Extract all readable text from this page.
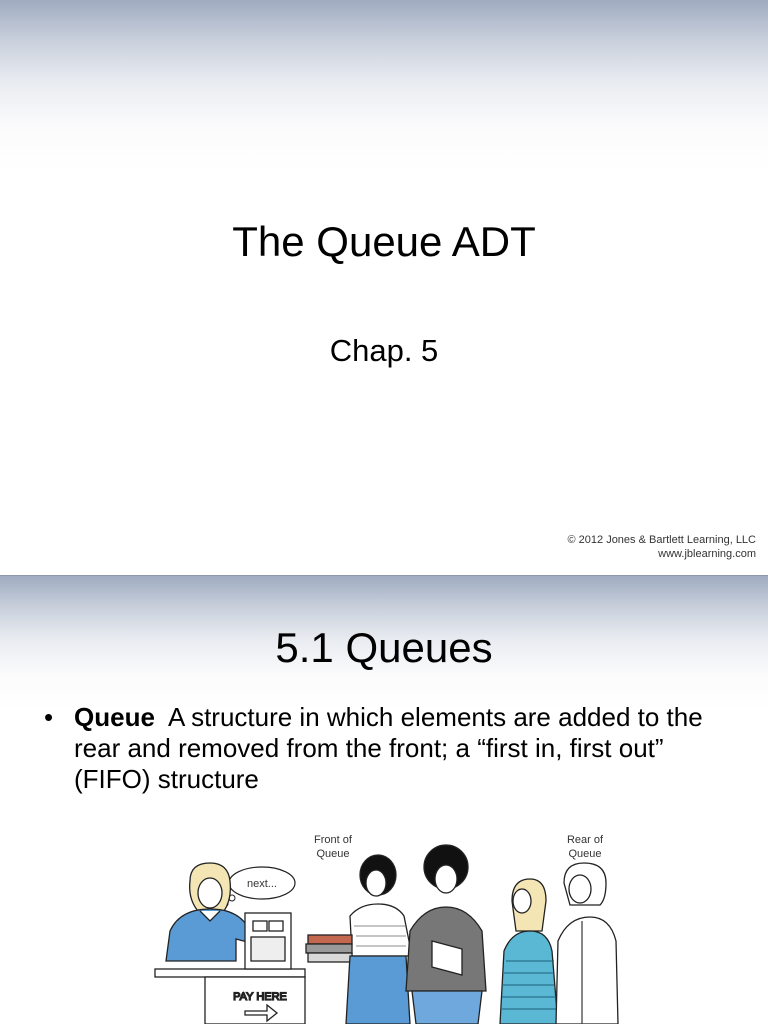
The Queue ADT
Chap. 5
© 2012 Jones & Bartlett Learning, LLC
www.jblearning.com
5.1 Queues
• Queue A structure in which elements are added to the rear and removed from the front; a “first in, first out” (FIFO) structure
Front of
Queue
Rear of
Queue
next...
PAY HERE
